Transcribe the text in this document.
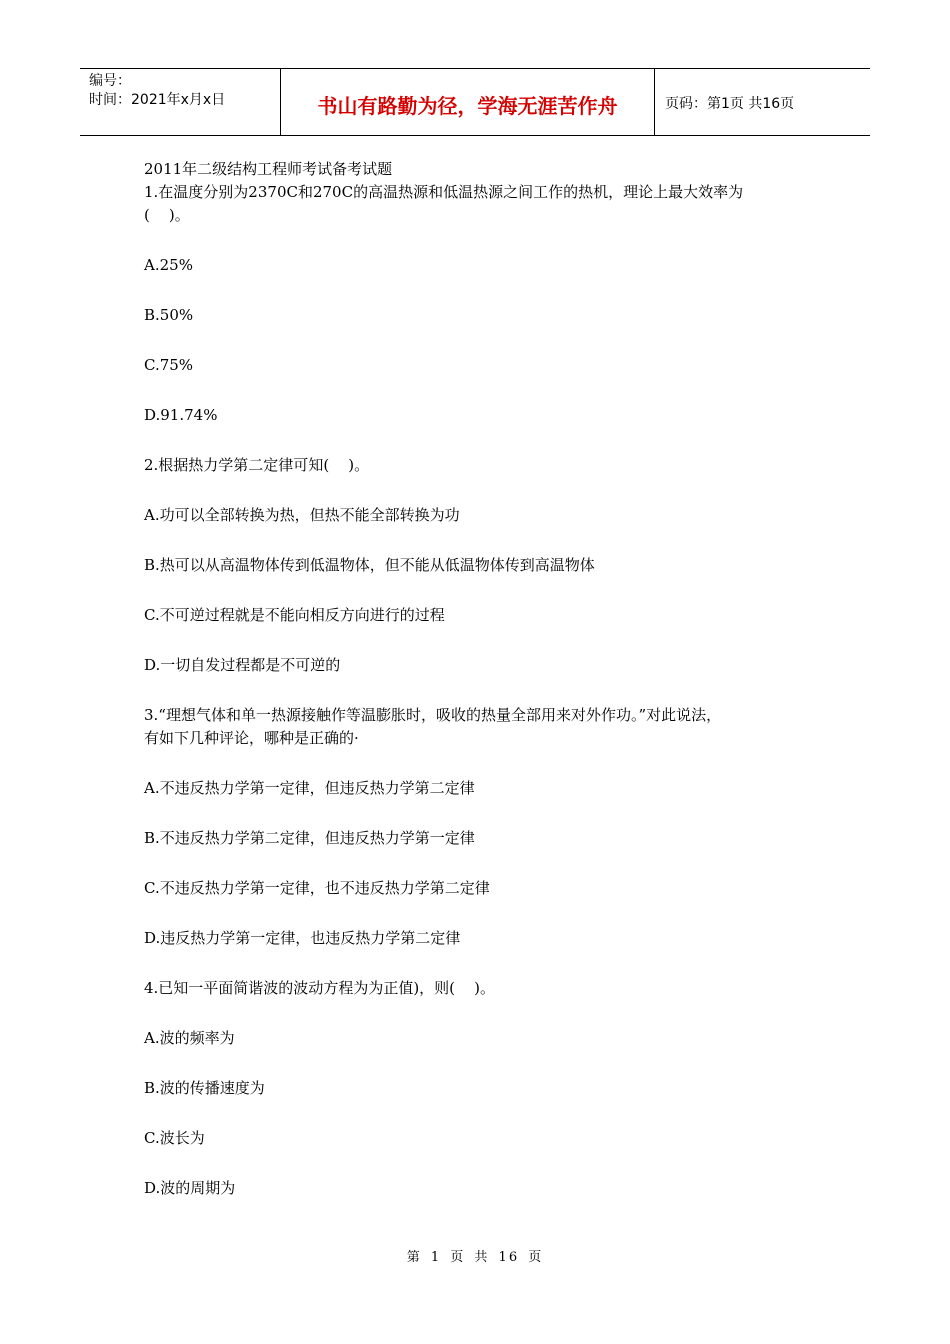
编号：
时间：2021年x月x日	书山有路勤为径，学海无涯苦作舟	页码：第1页 共16页
2011年二级结构工程师考试备考试题
1.在温度分别为2370C和270C的高温热源和低温热源之间工作的热机，理论上最大效率为
(    )。
A.25%
B.50%
C.75%
D.91.74%
2.根据热力学第二定律可知(    )。
A.功可以全部转换为热，但热不能全部转换为功
B.热可以从高温物体传到低温物体，但不能从低温物体传到高温物体
C.不可逆过程就是不能向相反方向进行的过程
D.一切自发过程都是不可逆的
3.“理想气体和单一热源接触作等温膨胀时，吸收的热量全部用来对外作功。”对此说法，
有如下几种评论，哪种是正确的·
A.不违反热力学第一定律，但违反热力学第二定律
B.不违反热力学第二定律，但违反热力学第一定律
C.不违反热力学第一定律，也不违反热力学第二定律
D.违反热力学第一定律，也违反热力学第二定律
4.已知一平面简谐波的波动方程为为正值)，则(    )。
A.波的频率为
B.波的传播速度为
C.波长为
D.波的周期为
第 1 页 共 16 页
